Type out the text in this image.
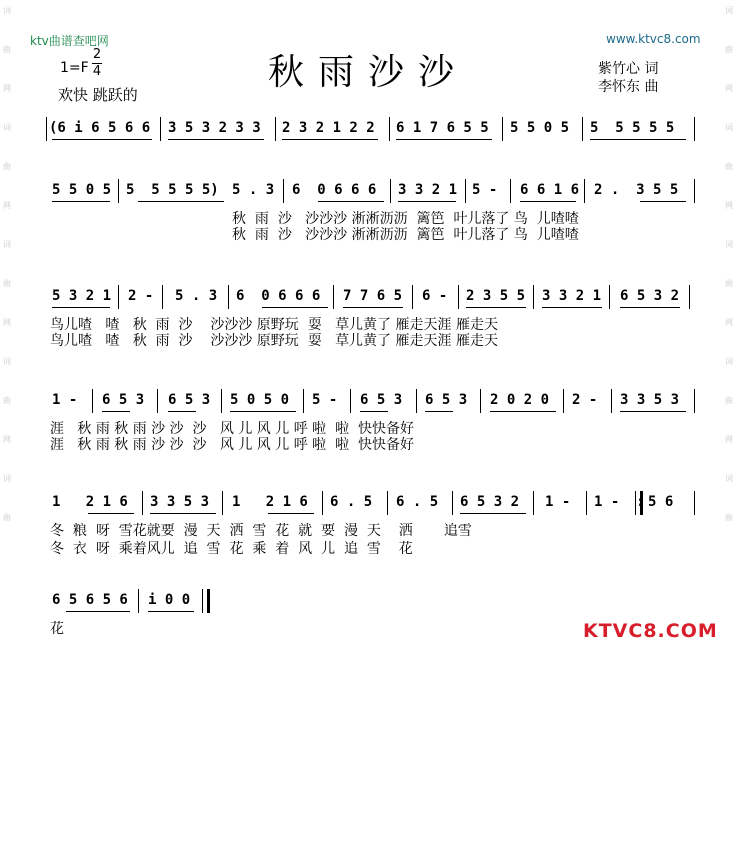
词
曲
网
词
曲
网
词
曲
网
词
曲
网
词
曲
词
曲
网
词
曲
网
词
曲
网
词
曲
网
词
曲
ktv曲谱查吧网	www.ktvc8.com
秋雨沙沙
1=F
2
4
欢快 跳跃的
紫竹心 词
李怀东 曲

(6 i 6 5 6 6

3 5 3 2 3 3

2 3 2 1 2 2

6 1 7 6 5 5

5 5 0 5

5  5 5 5 5

5 5 0 5

5  5 5 5 5)

5 . 3

6  0 6 6 6

3 3 2 1

5 -

6 6 1 6

2 .  3 5 5

秋 雨 沙 沙沙沙 淅淅沥沥 篱笆 叶儿落了 鸟 儿喳喳
秋 雨 沙 沙沙沙 淅淅沥沥 篱笆 叶儿落了 鸟 儿喳喳

5 3 2 1

2 -

5 . 3

6  0 6 6 6

7 7 6 5

6 -

2 3 5 5

3 3 2 1

6 5 3 2

鸟儿喳 喳 秋 雨 沙 沙沙沙 原野玩 耍 草儿黄了 雁走天涯 雁走天
鸟儿喳 喳 秋 雨 沙 沙沙沙 原野玩 耍 草儿黄了 雁走天涯 雁走天

1 -

6 5 3

6 5 3

5 0 5 0

5 -

6 5 3

6 5 3

2 0 2 0

2 -

3 3 5 3

涯 秋 雨 秋 雨 沙 沙 沙 风 儿 风 儿 呼 啦 啦 快快备好
涯 秋 雨 秋 雨 沙 沙 沙 风 儿 风 儿 呼 啦 啦 快快备好

1   2 1 6

3 3 5 3

1   2 1 6

6 . 5

6 . 5

6 5 3 2

1 -

1 -  :

5 6

冬 粮 呀 雪花就要 漫 天 洒 雪 花 就 要 漫 天 洒 追雪
冬 衣 呀 乘着风儿 追 雪 花 乘 着 风 儿 追 雪 花

6 5 6 5 6

i 0 0

花	KTVC8.COM
